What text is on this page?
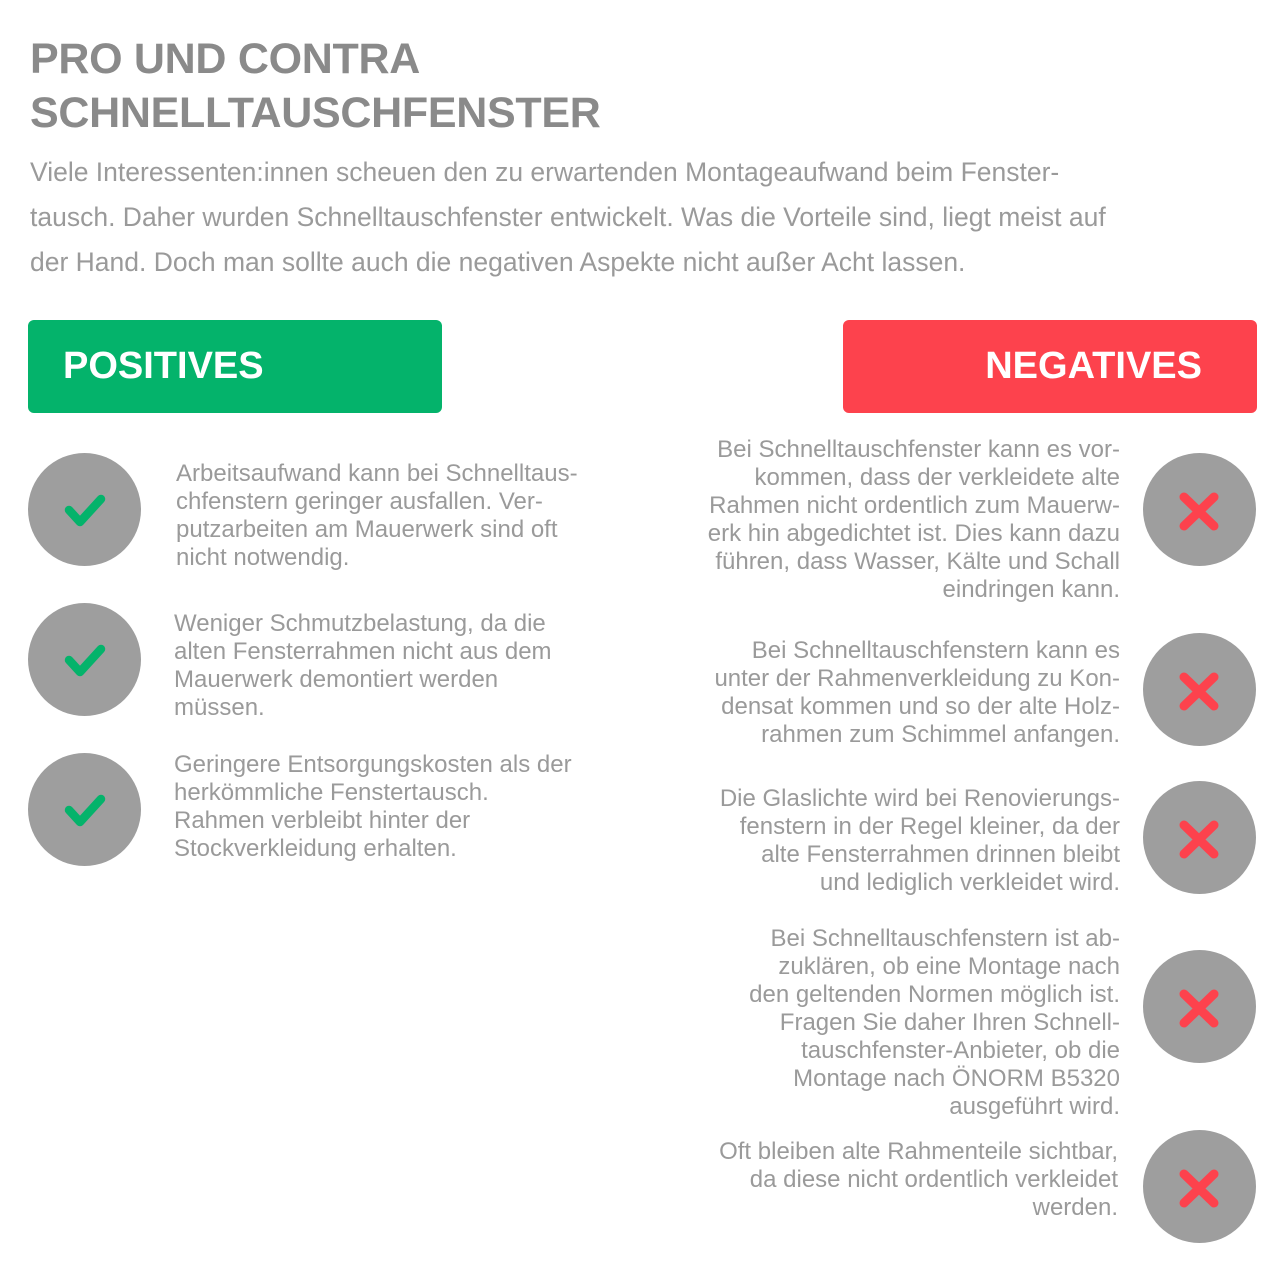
PRO UND CONTRA
SCHNELLTAUSCHFENSTER

Viele Interessenten:innen scheuen den zu erwartenden Montageaufwand beim Fenster-
tausch. Daher wurden Schnelltauschfenster entwickelt. Was die Vorteile sind, liegt meist auf
der Hand. Doch man sollte auch die negativen Aspekte nicht außer Acht lassen.

POSITIVES	NEGATIVES

Arbeitsaufwand kann bei Schnelltaus-
chfenstern geringer ausfallen. Ver-
putzarbeiten am Mauerwerk sind oft
nicht notwendig.

Weniger Schmutzbelastung, da die
alten Fensterrahmen nicht aus dem
Mauerwerk demontiert werden
müssen.

Geringere Entsorgungskosten als der
herkömmliche Fenstertausch.
Rahmen verbleibt hinter der
Stockverkleidung erhalten.

Bei Schnelltauschfenster kann es vor-
kommen, dass der verkleidete alte
Rahmen nicht ordentlich zum Mauerw-
erk hin abgedichtet ist. Dies kann dazu
führen, dass Wasser, Kälte und Schall
eindringen kann.

Bei Schnelltauschfenstern kann es
unter der Rahmenverkleidung zu Kon-
densat kommen und so der alte Holz-
rahmen zum Schimmel anfangen.

Die Glaslichte wird bei Renovierungs-
fenstern in der Regel kleiner, da der
alte Fensterrahmen drinnen bleibt
und lediglich verkleidet wird.

Bei Schnelltauschfenstern ist ab-
zuklären, ob eine Montage nach
den geltenden Normen möglich ist.
Fragen Sie daher Ihren Schnell-
tauschfenster-Anbieter, ob die
Montage nach ÖNORM B5320
ausgeführt wird.

Oft bleiben alte Rahmenteile sichtbar,
da diese nicht ordentlich verkleidet
werden.
